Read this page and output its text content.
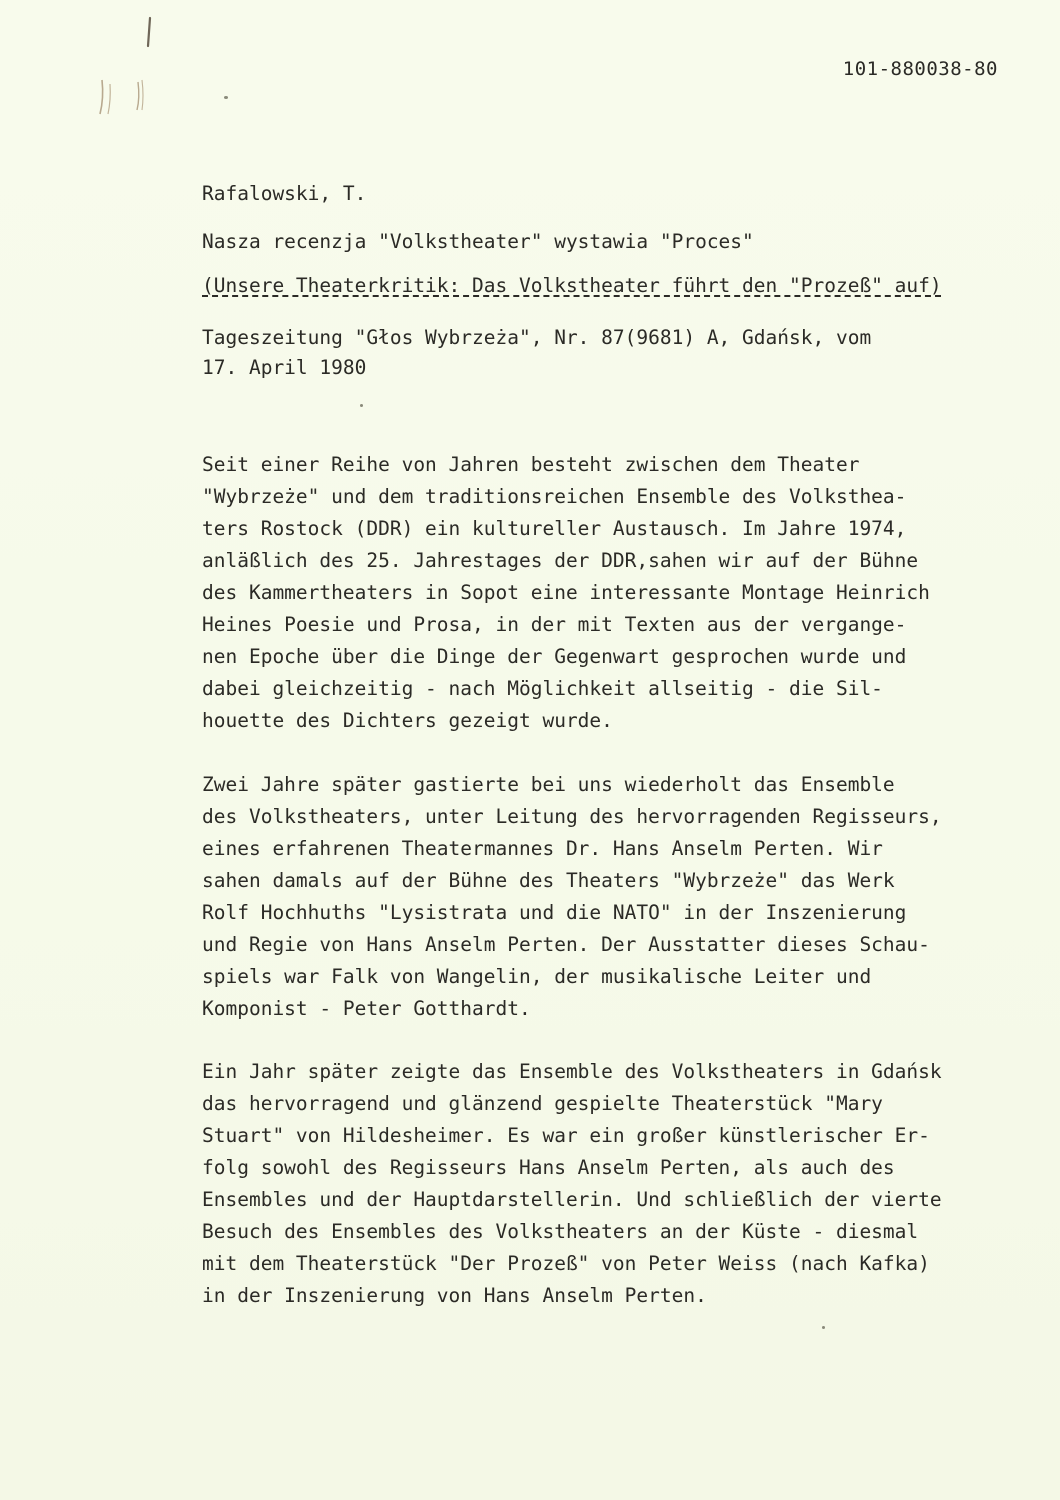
101-880038-80
Rafalowski, T.
Nasza recenzja "Volkstheater" wystawia "Proces"
(Unsere Theaterkritik: Das Volkstheater führt den "Prozeß" auf)
Tageszeitung "Głos Wybrzeża", Nr. 87(9681) A, Gdańsk, vom
17. April 1980
Seit einer Reihe von Jahren besteht zwischen dem Theater
"Wybrzeże" und dem traditionsreichen Ensemble des Volksthea-
ters Rostock (DDR) ein kultureller Austausch. Im Jahre 1974,
anläßlich des 25. Jahrestages der DDR,sahen wir auf der Bühne
des Kammertheaters in Sopot eine interessante Montage Heinrich
Heines Poesie und Prosa, in der mit Texten aus der vergange-
nen Epoche über die Dinge der Gegenwart gesprochen wurde und
dabei gleichzeitig - nach Möglichkeit allseitig - die Sil-
houette des Dichters gezeigt wurde.
Zwei Jahre später gastierte bei uns wiederholt das Ensemble
des Volkstheaters, unter Leitung des hervorragenden Regisseurs,
eines erfahrenen Theatermannes Dr. Hans Anselm Perten. Wir
sahen damals auf der Bühne des Theaters "Wybrzeże" das Werk
Rolf Hochhuths "Lysistrata und die NATO" in der Inszenierung
und Regie von Hans Anselm Perten. Der Ausstatter dieses Schau-
spiels war Falk von Wangelin, der musikalische Leiter und
Komponist - Peter Gotthardt.
Ein Jahr später zeigte das Ensemble des Volkstheaters in Gdańsk
das hervorragend und glänzend gespielte Theaterstück "Mary
Stuart" von Hildesheimer. Es war ein großer künstlerischer Er-
folg sowohl des Regisseurs Hans Anselm Perten, als auch des
Ensembles und der Hauptdarstellerin. Und schließlich der vierte
Besuch des Ensembles des Volkstheaters an der Küste - diesmal
mit dem Theaterstück "Der Prozeß" von Peter Weiss (nach Kafka)
in der Inszenierung von Hans Anselm Perten.
